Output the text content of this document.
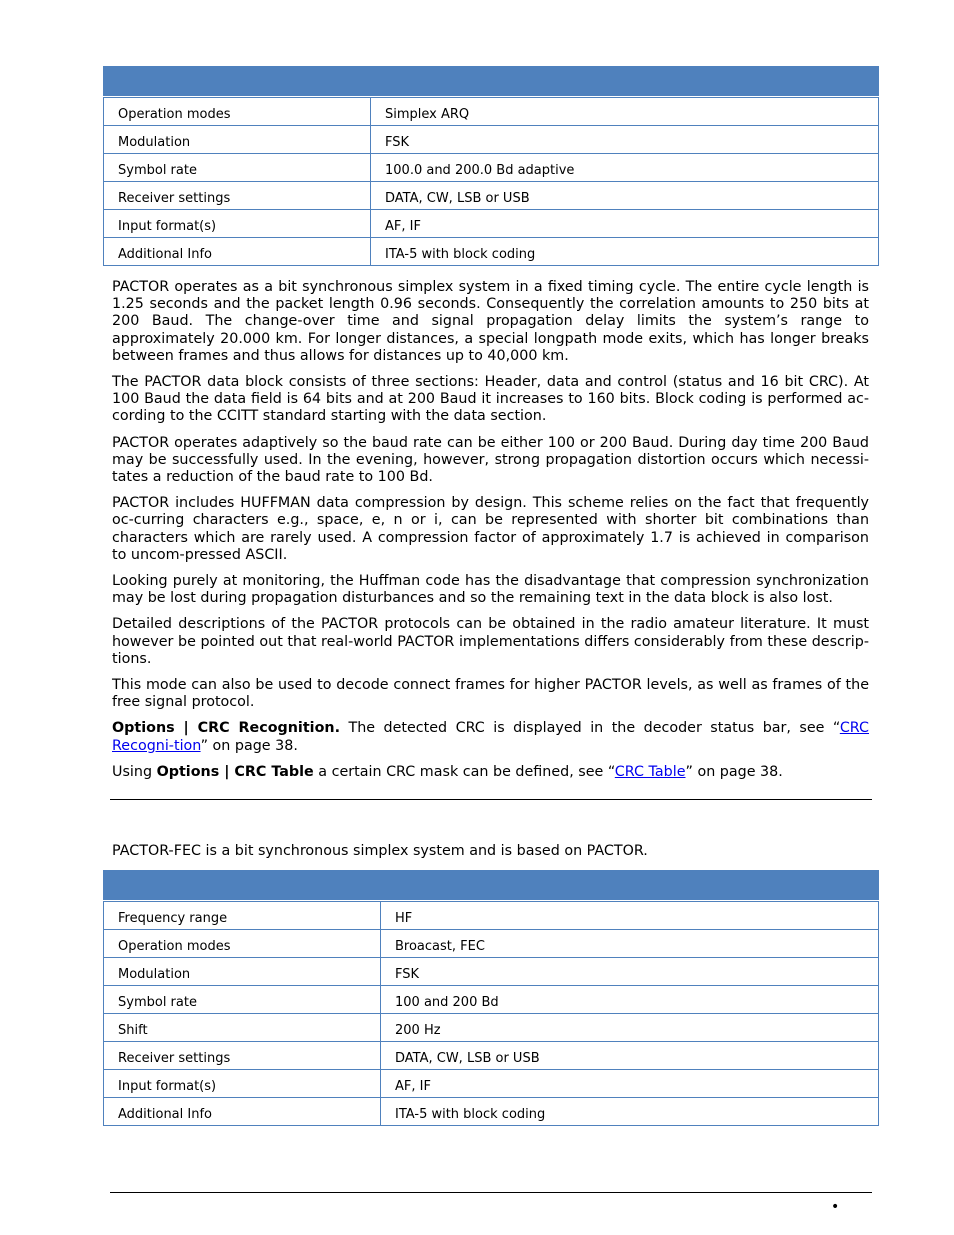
Operation modes	Simplex ARQ
Modulation	FSK
Symbol rate	100.0 and 200.0 Bd adaptive
Receiver settings	DATA, CW, LSB or USB
Input format(s)	AF, IF
Additional Info	ITA-5 with block coding

PACTOR operates as a bit synchronous simplex system in a fixed timing cycle. The entire cycle length is 1.25 seconds and the packet length 0.96 seconds. Consequently the correlation amounts to 250 bits at 200 Baud. The change-over time and signal propagation delay limits the system’s range to approximately 20.000 km. For longer distances, a special longpath mode exits, which has longer breaks between frames and thus allows for distances up to 40,000 km.

The PACTOR data block consists of three sections: Header, data and control (status and 16 bit CRC). At 100 Baud the data field is 64 bits and at 200 Baud it increases to 160 bits. Block coding is performed ac-cording to the CCITT standard starting with the data section.

PACTOR operates adaptively so the baud rate can be either 100 or 200 Baud. During day time 200 Baud may be successfully used. In the evening, however, strong propagation distortion occurs which necessi-tates a reduction of the baud rate to 100 Bd.

PACTOR includes HUFFMAN data compression by design. This scheme relies on the fact that frequently oc-curring characters e.g., space, e, n or i, can be represented with shorter bit combinations than characters which are rarely used. A compression factor of approximately 1.7 is achieved in comparison to uncom-pressed ASCII.

Looking purely at monitoring, the Huffman code has the disadvantage that compression synchronization may be lost during propagation disturbances and so the remaining text in the data block is also lost.

Detailed descriptions of the PACTOR protocols can be obtained in the radio amateur literature. It must however be pointed out that real-world PACTOR implementations differs considerably from these descrip-tions.

This mode can also be used to decode connect frames for higher PACTOR levels, as well as frames of the free signal protocol.

Options | CRC Recognition. The detected CRC is displayed in the decoder status bar, see “CRC Recogni-tion” on page 38.

Using Options | CRC Table a certain CRC mask can be defined, see “CRC Table” on page 38.

PACTOR-FEC is a bit synchronous simplex system and is based on PACTOR.

Frequency range	HF
Operation modes	Broacast, FEC
Modulation	FSK
Symbol rate	100 and 200 Bd
Shift	200 Hz
Receiver settings	DATA, CW, LSB or USB
Input format(s)	AF, IF
Additional Info	ITA-5 with block coding
•
